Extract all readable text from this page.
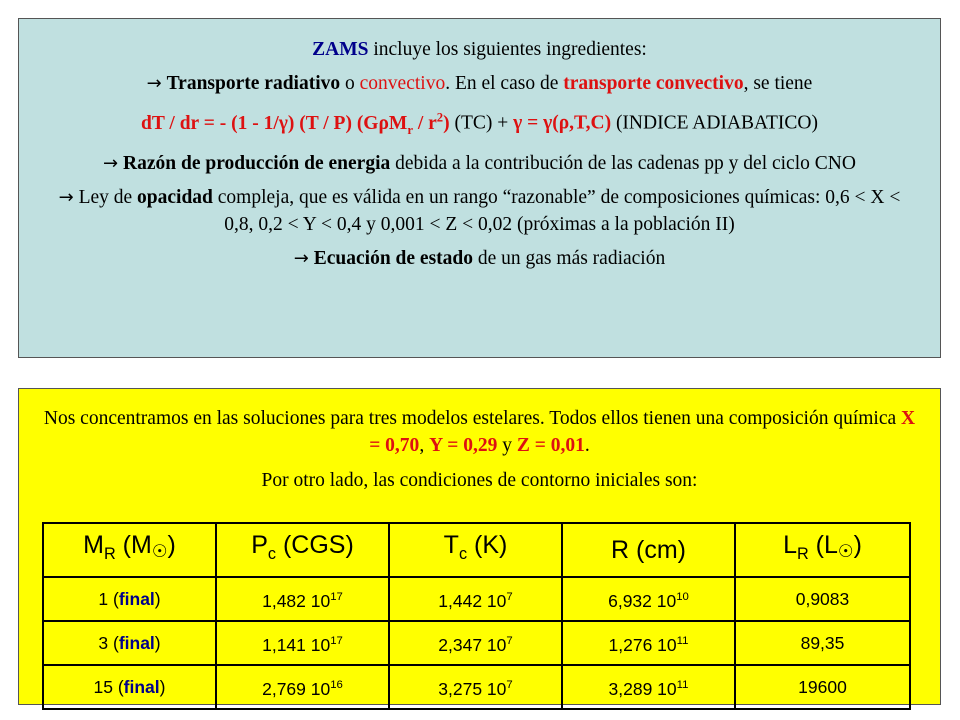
ZAMS incluye los siguientes ingredientes:

→ Transporte radiativo o convectivo. En el caso de transporte convectivo, se tiene

dT / dr = - (1 - 1/γ) (T / P) $(G\rho M_r / r^2)$ (TC) + γ = γ(ρ,T,C) (INDICE ADIABATICO)

→ Razón de producción de energia debida a la contribución de las cadenas pp y del ciclo CNO

→ Ley de opacidad compleja, que es válida en un rango “razonable” de composiciones químicas: 0,6 < X < 0,8, 0,2 < Y < 0,4 y 0,001 < Z < 0,02 (próximas a la población II)

→ Ecuación de estado de un gas más radiación

Nos concentramos en las soluciones para tres modelos estelares. Todos ellos tienen una composición química X = 0,70, Y = 0,29 y Z = 0,01.

Por otro lado, las condiciones de contorno iniciales son:

$M_R$ $(M_☉)$	$P_c$ (CGS)	$T_c$ (K)	R (cm)	$L_R$ $(L_☉)$
1 (final)	1,482 $10^{17}$	1,442 $10^7$	6,932 $10^{10}$	0,9083
3 (final)	1,141 $10^{17}$	2,347 $10^7$	1,276 $10^{11}$	89,35
15 (final)	2,769 $10^{16}$	3,275 $10^7$	3,289 $10^{11}$	19600
